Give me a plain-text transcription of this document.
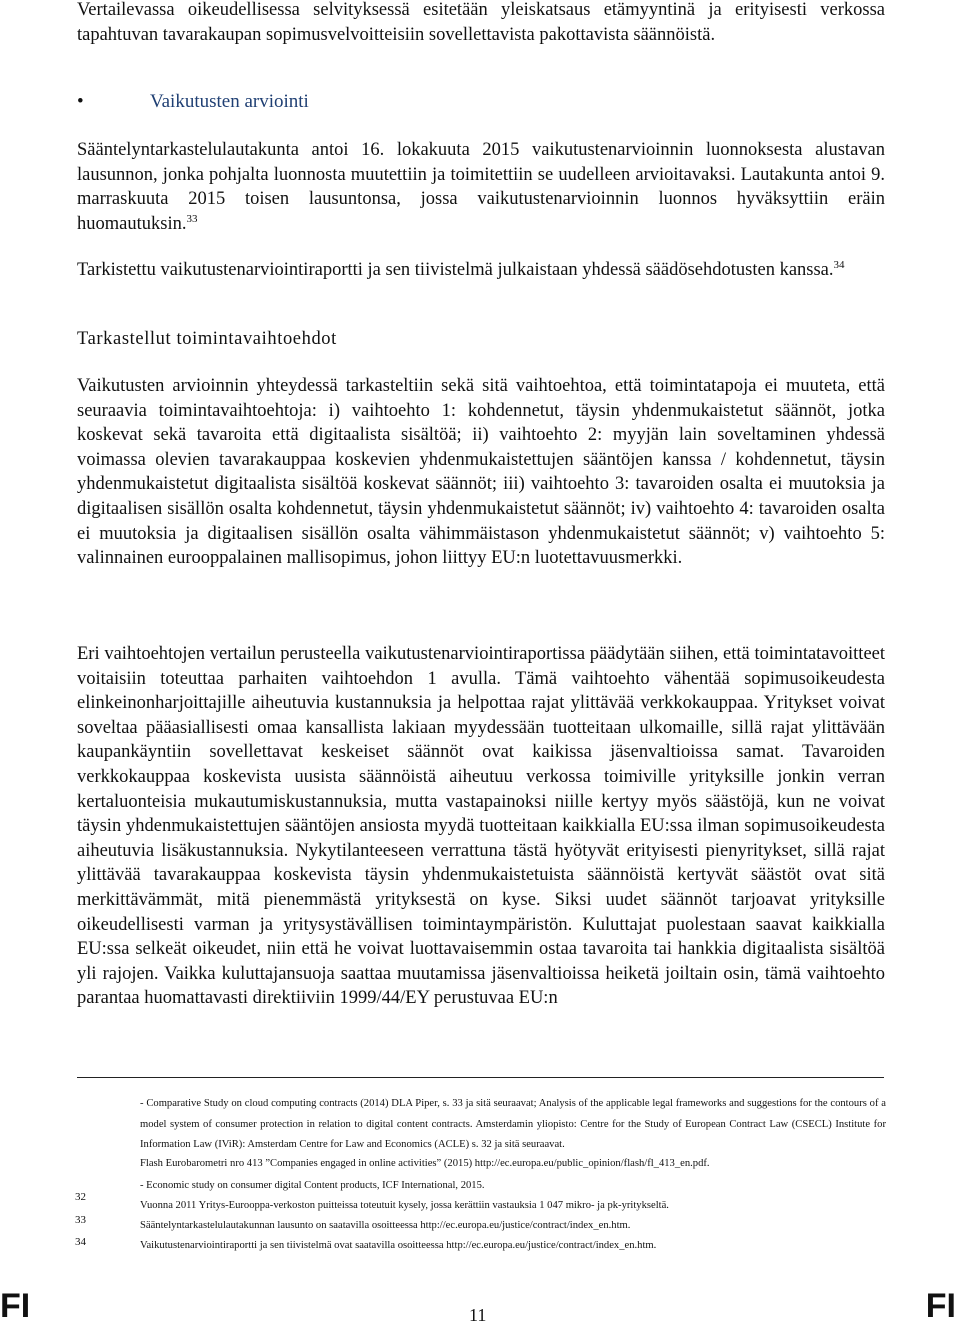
Vertailevassa oikeudellisessa selvityksessä esitetään yleiskatsaus etämyyntinä ja erityisesti verkossa tapahtuvan tavarakaupan sopimusvelvoitteisiin sovellettavista pakottavista säännöistä.

•	Vaikutusten arviointi

Sääntelyntarkastelulautakunta antoi 16. lokakuuta 2015 vaikutustenarvioinnin luonnoksesta alustavan lausunnon, jonka pohjalta luonnosta muutettiin ja toimitettiin se uudelleen arvioitavaksi. Lautakunta antoi 9. marraskuuta 2015 toisen lausuntonsa, jossa vaikutustenarvioinnin luonnos hyväksyttiin eräin huomautuksin.$^{33}$

Tarkistettu vaikutustenarviointiraportti ja sen tiivistelmä julkaistaan yhdessä säädösehdotusten kanssa.$^{34}$

Tarkastellut toimintavaihtoehdot

Vaikutusten arvioinnin yhteydessä tarkasteltiin sekä sitä vaihtoehtoa, että toimintatapoja ei muuteta, että seuraavia toimintavaihtoehtoja: i) vaihtoehto 1: kohdennetut, täysin yhdenmukaistetut säännöt, jotka koskevat sekä tavaroita että digitaalista sisältöä; ii) vaihtoehto 2: myyjän lain soveltaminen yhdessä voimassa olevien tavarakauppaa koskevien yhdenmukaistettujen sääntöjen kanssa / kohdennetut, täysin yhdenmukaistetut digitaalista sisältöä koskevat säännöt; iii) vaihtoehto 3: tavaroiden osalta ei muutoksia ja digitaalisen sisällön osalta kohdennetut, täysin yhdenmukaistetut säännöt; iv) vaihtoehto 4: tavaroiden osalta ei muutoksia ja digitaalisen sisällön osalta vähimmäistason yhdenmukaistetut säännöt; v) vaihtoehto 5: valinnainen eurooppalainen mallisopimus, johon liittyy EU:n luotettavuusmerkki.

Eri vaihtoehtojen vertailun perusteella vaikutustenarviointiraportissa päädytään siihen, että toimintatavoitteet voitaisiin toteuttaa parhaiten vaihtoehdon 1 avulla. Tämä vaihtoehto vähentää sopimusoikeudesta elinkeinonharjoittajille aiheutuvia kustannuksia ja helpottaa rajat ylittävää verkkokauppaa. Yritykset voivat soveltaa pääasiallisesti omaa kansallista lakiaan myydessään tuotteitaan ulkomaille, sillä rajat ylittävään kaupankäyntiin sovellettavat keskeiset säännöt ovat kaikissa jäsenvaltioissa samat. Tavaroiden verkkokauppaa koskevista uusista säännöistä aiheutuu verkossa toimiville yrityksille jonkin verran kertaluonteisia mukautumiskustannuksia, mutta vastapainoksi niille kertyy myös säästöjä, kun ne voivat täysin yhdenmukaistettujen sääntöjen ansiosta myydä tuotteitaan kaikkialla EU:ssa ilman sopimusoikeudesta aiheutuvia lisäkustannuksia. Nykytilanteeseen verrattuna tästä hyötyvät erityisesti pienyritykset, sillä rajat ylittävää tavarakauppaa koskevista täysin yhdenmukaistetuista säännöistä kertyvät säästöt ovat sitä merkittävämmät, mitä pienemmästä yrityksestä on kyse. Siksi uudet säännöt tarjoavat yrityksille oikeudellisesti varman ja yritysystävällisen toimintaympäristön. Kuluttajat puolestaan saavat kaikkialla EU:ssa selkeät oikeudet, niin että he voivat luottavaisemmin ostaa tavaroita tai hankkia digitaalista sisältöä yli rajojen. Vaikka kuluttajansuoja saattaa muutamissa jäsenvaltioissa heiketä joiltain osin, tämä vaihtoehto parantaa huomattavasti direktiiviin 1999/44/EY perustuvaa EU:n

32
33
34

- Comparative Study on cloud computing contracts (2014) DLA Piper, s. 33 ja sitä seuraavat; Analysis of the applicable legal frameworks and suggestions for the contours of a model system of consumer protection in relation to digital content contracts. Amsterdamin yliopisto: Centre for the Study of European Contract Law (CSECL) Institute for Information Law (IViR): Amsterdam Centre for Law and Economics (ACLE) s. 32 ja sitä seuraavat.

Flash Eurobarometri nro 413 ”Companies engaged in online activities” (2015) http://ec.europa.eu/public_opinion/flash/fl_413_en.pdf.

- Economic study on consumer digital Content products, ICF International, 2015.

Vuonna 2011 Yritys-Eurooppa-verkoston puitteissa toteutuit kysely, jossa kerättiin vastauksia 1 047 mikro- ja pk-yritykseltä.

Sääntelyntarkastelulautakunnan lausunto on saatavilla osoitteessa http://ec.europa.eu/justice/contract/index_en.htm.

Vaikutustenarviointiraportti ja sen tiivistelmä ovat saatavilla osoitteessa http://ec.europa.eu/justice/contract/index_en.htm.

FI	11	FI
